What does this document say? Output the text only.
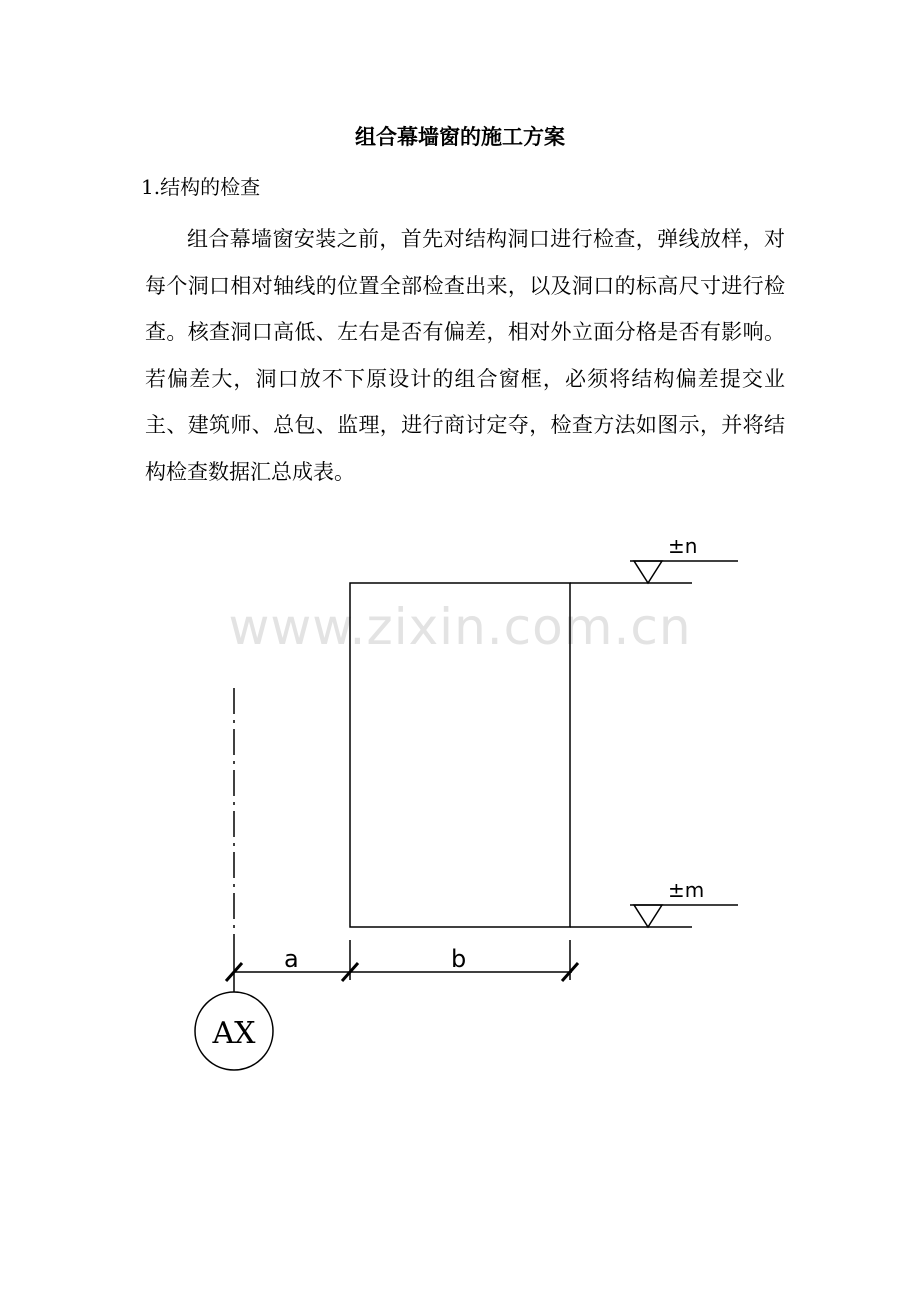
组合幕墙窗的施工方案
1.结构的检查
组合幕墙窗安装之前，首先对结构洞口进行检查，弹线放样，对每个洞口相对轴线的位置全部检查出来，以及洞口的标高尺寸进行检查。核查洞口高低、左右是否有偏差，相对外立面分格是否有影响。若偏差大，洞口放不下原设计的组合窗框，必须将结构偏差提交业主、建筑师、总包、监理，进行商讨定夺，检查方法如图示，并将结构检查数据汇总成表。
www.zixin.com.cn
±n
±m
a	b
AX
